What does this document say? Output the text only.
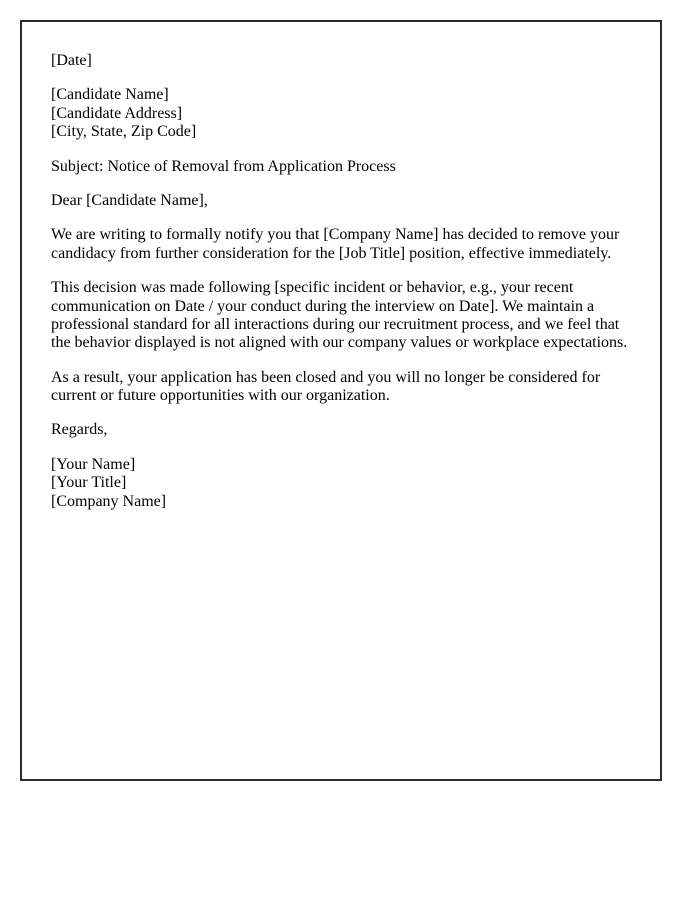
[Date]

[Candidate Name]
[Candidate Address]
[City, State, Zip Code]

Subject: Notice of Removal from Application Process

Dear [Candidate Name],

We are writing to formally notify you that [Company Name] has decided to remove your candidacy from further consideration for the [Job Title] position, effective immediately.

This decision was made following [specific incident or behavior, e.g., your recent communication on Date / your conduct during the interview on Date]. We maintain a professional standard for all interactions during our recruitment process, and we feel that the behavior displayed is not aligned with our company values or workplace expectations.

As a result, your application has been closed and you will no longer be considered for current or future opportunities with our organization.

Regards,

[Your Name]
[Your Title]
[Company Name]
